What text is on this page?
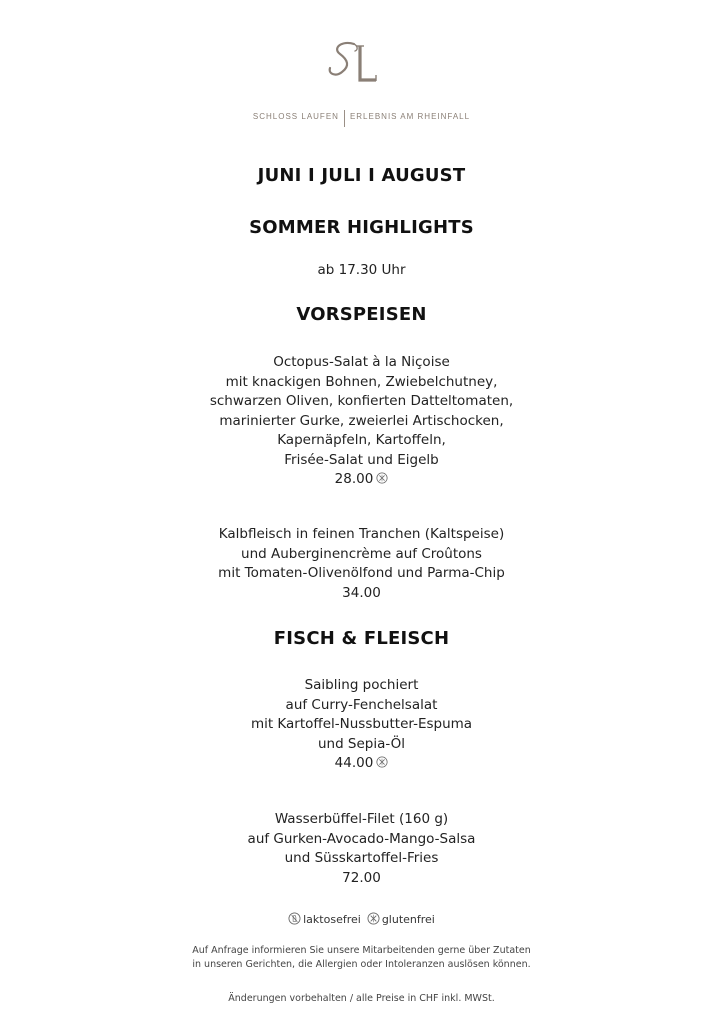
SCHLOSS LAUFEN ERLEBNIS AM RHEINFALL
JUNI I JULI I AUGUST
SOMMER HIGHLIGHTS
ab 17.30 Uhr
VORSPEISEN
Octopus-Salat à la Niçoise
mit knackigen Bohnen, Zwiebelchutney,
schwarzen Oliven, konfierten Datteltomaten,
marinierter Gurke, zweierlei Artischocken,
Kapernäpfeln, Kartoffeln,
Frisée-Salat und Eigelb
28.00
Kalbfleisch in feinen Tranchen (Kaltspeise)
und Auberginencrème auf Croûtons
mit Tomaten-Olivenölfond und Parma-Chip
34.00
FISCH & FLEISCH
Saibling pochiert
auf Curry-Fenchelsalat
mit Kartoffel-Nussbutter-Espuma
und Sepia-Öl
44.00
Wasserbüffel-Filet (160 g)
auf Gurken-Avocado-Mango-Salsa
und Süsskartoffel-Fries
72.00
laktosefrei glutenfrei
Auf Anfrage informieren Sie unsere Mitarbeitenden gerne über Zutaten
in unseren Gerichten, die Allergien oder Intoleranzen auslösen können.
Änderungen vorbehalten / alle Preise in CHF inkl. MWSt.
